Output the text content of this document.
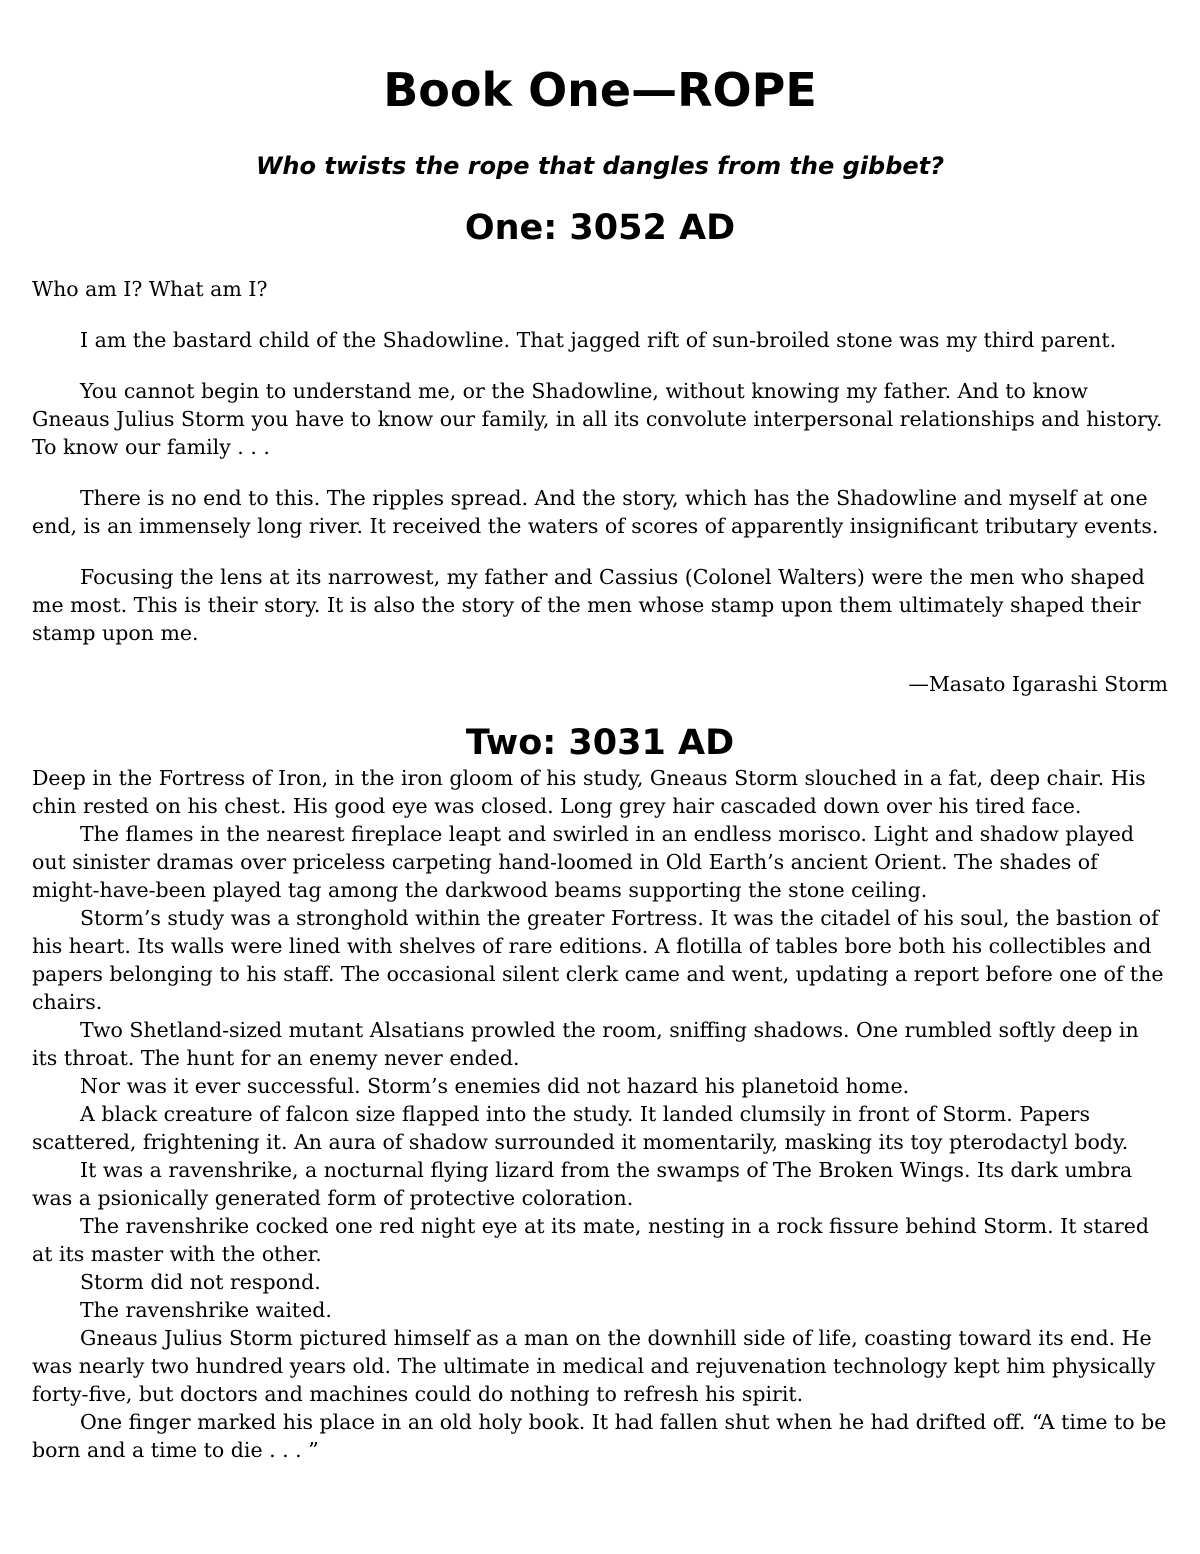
Book One—ROPE
Who twists the rope that dangles from the gibbet?
One: 3052 AD

Who am I? What am I?

I am the bastard child of the Shadowline. That jagged rift of sun-broiled stone was my third parent.

You cannot begin to understand me, or the Shadowline, without knowing my father. And to know Gneaus Julius Storm you have to know our family, in all its convolute interpersonal relationships and history. To know our family . . .

There is no end to this. The ripples spread. And the story, which has the Shadowline and myself at one end, is an immensely long river. It received the waters of scores of apparently insignificant tributary events.

Focusing the lens at its narrowest, my father and Cassius (Colonel Walters) were the men who shaped me most. This is their story. It is also the story of the men whose stamp upon them ultimately shaped their stamp upon me.

—Masato Igarashi Storm
Two: 3031 AD

Deep in the Fortress of Iron, in the iron gloom of his study, Gneaus Storm slouched in a fat, deep chair. His chin rested on his chest. His good eye was closed. Long grey hair cascaded down over his tired face.

The flames in the nearest fireplace leapt and swirled in an endless morisco. Light and shadow played out sinister dramas over priceless carpeting hand-loomed in Old Earth’s ancient Orient. The shades of might-have-been played tag among the darkwood beams supporting the stone ceiling.

Storm’s study was a stronghold within the greater Fortress. It was the citadel of his soul, the bastion of his heart. Its walls were lined with shelves of rare editions. A flotilla of tables bore both his collectibles and papers belonging to his staff. The occasional silent clerk came and went, updating a report before one of the chairs.

Two Shetland-sized mutant Alsatians prowled the room, sniffing shadows. One rumbled softly deep in its throat. The hunt for an enemy never ended.

Nor was it ever successful. Storm’s enemies did not hazard his planetoid home.

A black creature of falcon size flapped into the study. It landed clumsily in front of Storm. Papers scattered, frightening it. An aura of shadow surrounded it momentarily, masking its toy pterodactyl body.

It was a ravenshrike, a nocturnal flying lizard from the swamps of The Broken Wings. Its dark umbra was a psionically generated form of protective coloration.

The ravenshrike cocked one red night eye at its mate, nesting in a rock fissure behind Storm. It stared at its master with the other.

Storm did not respond.

The ravenshrike waited.

Gneaus Julius Storm pictured himself as a man on the downhill side of life, coasting toward its end. He was nearly two hundred years old. The ultimate in medical and rejuvenation technology kept him physically forty-five, but doctors and machines could do nothing to refresh his spirit.

One finger marked his place in an old holy book. It had fallen shut when he had drifted off. “A time to be born and a time to die . . . ”
